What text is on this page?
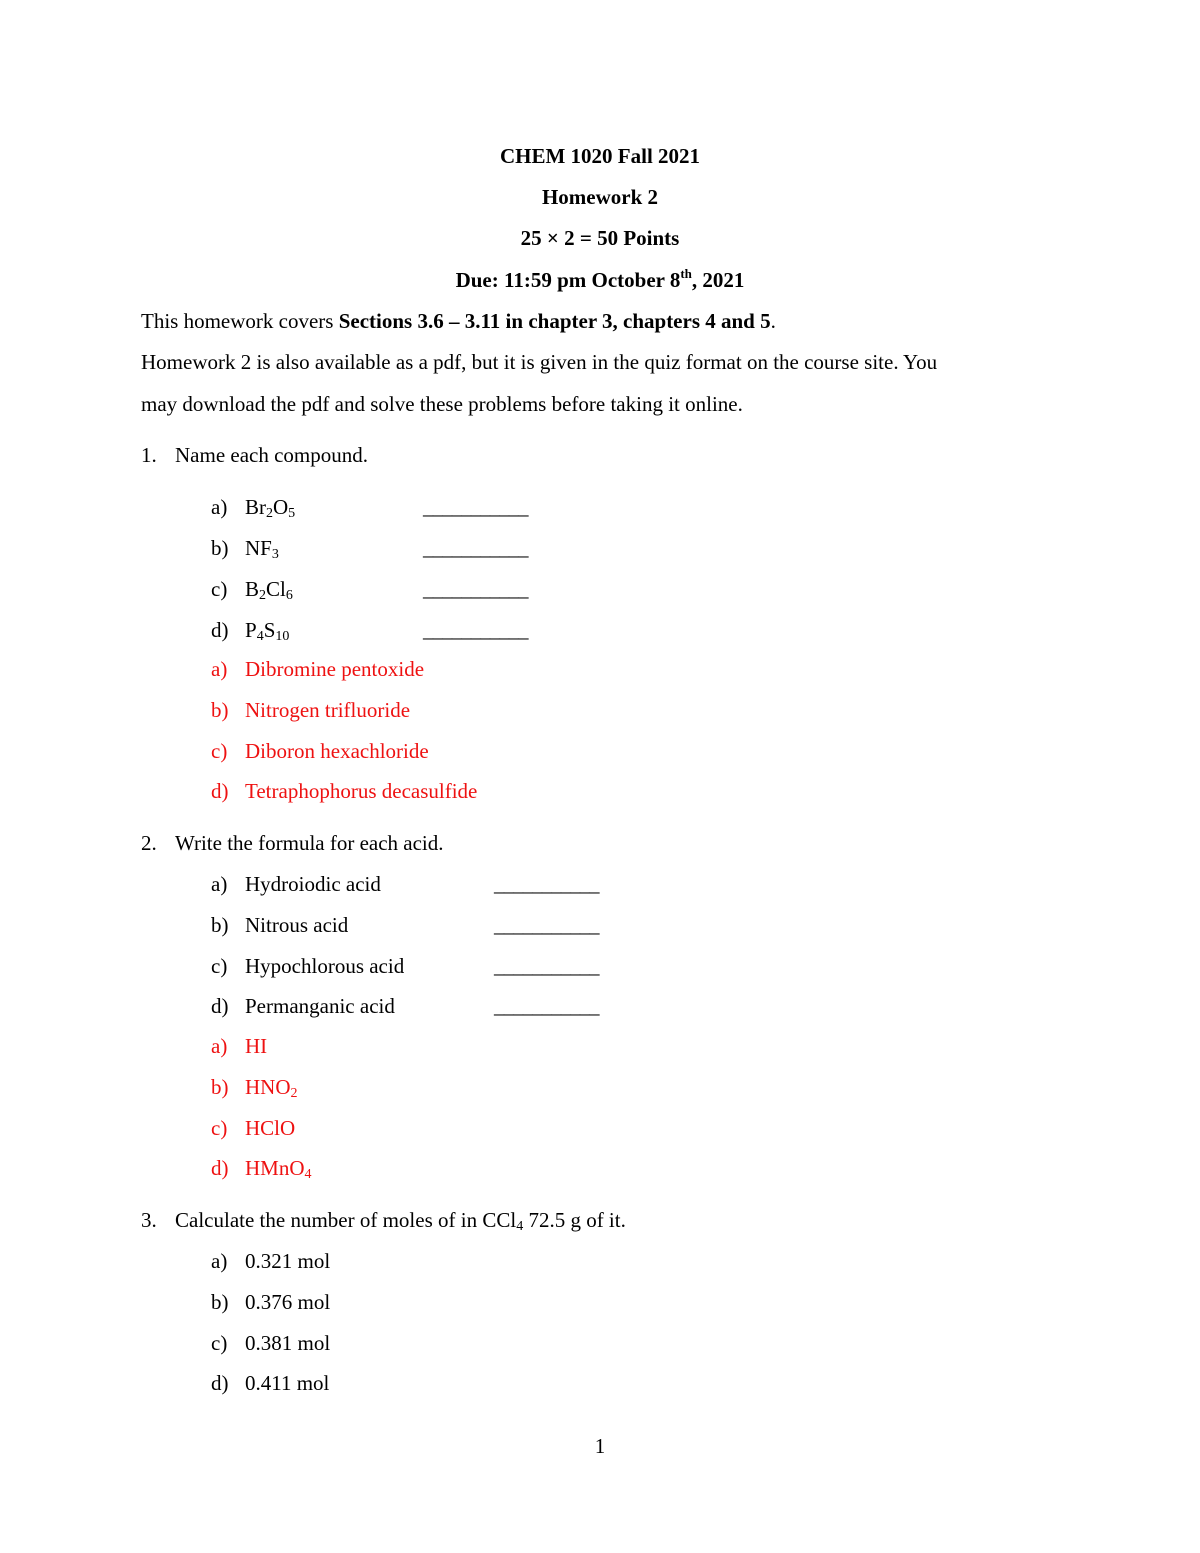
CHEM 1020 Fall 2021
Homework 2
25 × 2 = 50 Points
Due: 11:59 pm October 8th, 2021
This homework covers Sections 3.6 – 3.11 in chapter 3, chapters 4 and 5.
Homework 2 is also available as a pdf, but it is given in the quiz format on the course site. You
may download the pdf and solve these problems before taking it online.
1. Name each compound.
a) $Br_2O_5$	___________
b) $NF_3$	___________
c) $B_2Cl_6$	___________
d) $P_4S_{10}$	___________
a) Dibromine pentoxide
b) Nitrogen trifluoride
c) Diboron hexachloride
d) Tetraphophorus decasulfide
2. Write the formula for each acid.
a) Hydroiodic acid	___________
b) Nitrous acid	___________
c) Hypochlorous acid	___________
d) Permanganic acid	___________
a) HI
b) $HNO_2$
c) HClO
d) HMnO$_4$
3. Calculate the number of moles of in CCl$_4$ 72.5 g of it.
a) 0.321 mol
b) 0.376 mol
c) 0.381 mol
d) 0.411 mol
1
